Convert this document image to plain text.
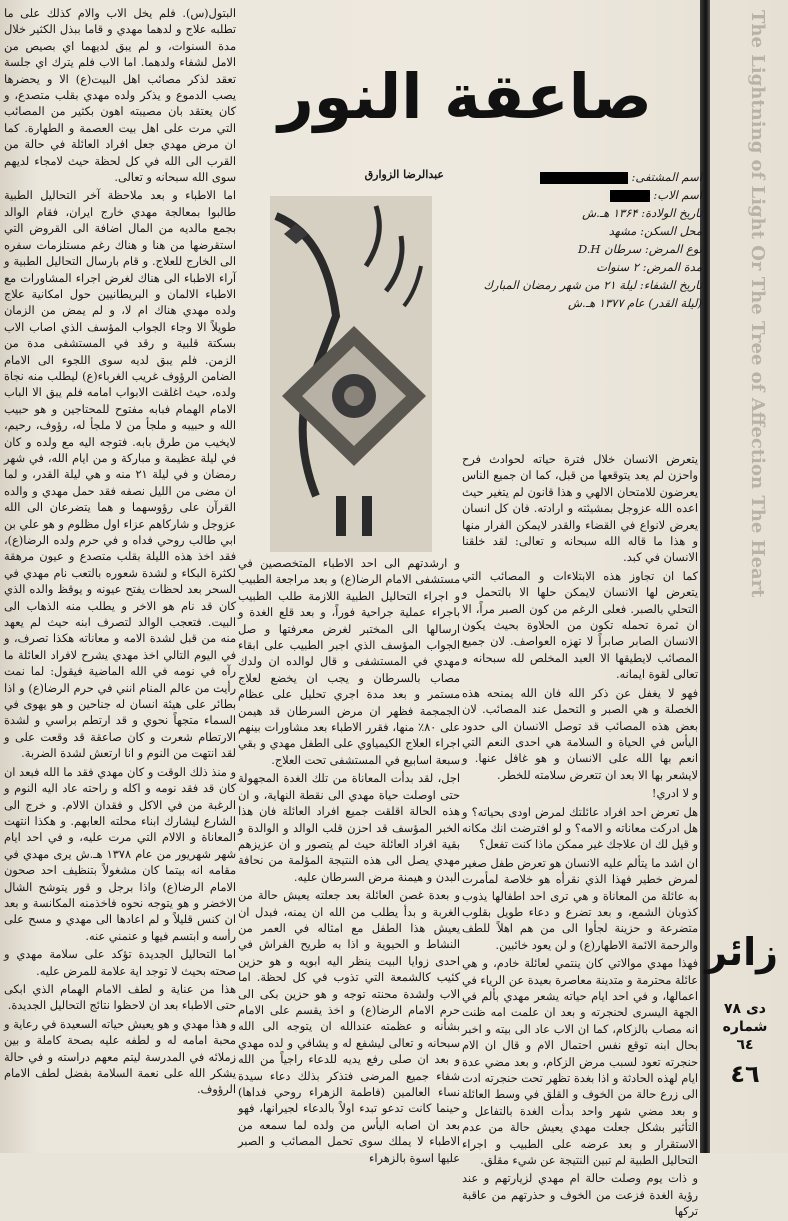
The Lightning of Light Or The Tree of Affection The Heart
صاعقة النور
اسم المشتفى:
اسم الاب:
تاریخ الولادة: ۱۳۶۴ هـ.ش
محل السكن: مشهد
نوع المرض: سرطان D.H
مدة المرض: ۲ سنوات
تاريخ الشفاء: ليلة ۲۱ من شهر رمضان المبارك
(ليلة القدر) عام ۱۳۷۷ هـ.ش
عبدالرضا الزوارق

يتعرض الانسان خلال فترة حياته لحوادث فرح واحزن لم يعد يتوقعها من قبل، كما ان جميع الناس يعرضون للامتحان الالهي و هذا قانون لم يتغير حيث اعده الله عزوجل بمشيئته و ارادته. فان كل انسان يعرض لانواع في القضاء والقدر لايمكن الفرار منها و هذا ما قاله الله سبحانه و تعالى: لقد خلقنا الانسان في كبد.

كما ان تجاوز هذه الابتلاءات و المصائب التي يتعرض لها الانسان لايمكن حلها الا بالتحمل و التحلي بالصبر. فعلى الرغم من كون الصبر مراً، الا ان ثمرة تحمله تكون من الحلاوة بحيث يكون الانسان الصابر صابراً لا تهزه العواصف. لان جميع المصائب لايطيقها الا العبد المخلص لله سبحانه و تعالى لقوة ايمانه.

فهو لا يغفل عن ذكر الله فان الله يمنحه هذه الخصلة و هي الصبر و التحمل عند المصائب. لان بعض هذه المصائب قد توصل الانسان الى حدود اليأس في الحياة و السلامة هي احدى النعم التي انعم بها الله على الانسان و هو غافل عنها. و لايشعر بها الا بعد ان تتعرض سلامته للخطر.

و لا ادري!

هل تعرض احد افراد عائلتك لمرض اودى بحياته؟ و هل ادركت معاناته و الامه؟ و لو افترضت انك مكانه و قيل لك ان علاجك غير ممكن ماذا كنت تفعل؟

ان اشد ما يتألم عليه الانسان هو تعرض طفل صغير لمرض خطير فهذا الذي نقرأه هو خلاصة لمأمرت به عائلة من المعاناة و هي ترى احد اطفالها يذوب كذوبان الشمع، و بعد تضرع و دعاء طويل بقلوب متضرعة و حزينة لجأوا الى من هم اهلاً للطف والرحمة الائمة الاطهار(ع) و لن يعود خائبين.

فهذا مهدي موالاتي كان ينتمي لعائلة خادم، و هي عائلة محترمة و متدينة معاصرة بعيدة عن الرياء في اعمالها، و في احد ايام حياته يشعر مهدي بألم في الجهة اليسرى لحنجرته و بعد ان علمت امه ظنت انه مصاب بالزكام، كما ان الاب عاد الى بيته و اخبر بحال ابنه توقع نفس احتمال الام و قال ان الام حنجرته تعود لسبب مرض الزكام، و بعد مضي عدة ايام لهذه الحادثة و اذا بغدة تظهر تحت حنجرته ادت الى زرع حالة من الخوف و القلق في وسط العائلة و بعد مضي شهر واحد بدأت الغدة بالتفاعل و التأثير بشكل جعلت مهدي يعيش حالة من عدم الاستقرار و بعد عرضه على الطبيب و اجراء التحاليل الطبية لم تبين النتيجة عن شيء مقلق.

و ذات يوم وصلت حالة ام مهدي لزيارتهم و عند رؤية الغدة فزعت من الخوف و حذرتهم من عاقبة تركها

و ارشدتهم الى احد الاطباء المتخصصين في مستشفى الامام الرضا(ع) و بعد مراجعة الطبيب و اجراء التحاليل الطبية اللازمة طلب الطبيب باجراء عملية جراحية فوراً، و بعد قلع الغدة و ارسالها الى المختبر لغرض معرفتها و صل الجواب المؤسف الذي اجبر الطبيب على ابقاء مهدي في المستشفى و قال لوالده ان ولدك مصاب بالسرطان و يجب ان يخضع لعلاج مستمر و بعد مدة اجري تحليل على عظام الجمجمة فظهر ان مرض السرطان قد هيمن على ٨٠٪ منها، فقرر الاطباء بعد مشاورات بينهم اجراء العلاج الكيمياوي على الطفل مهدي و بقي سبعة اسابيع في المستشفى تحت العلاج.

اجل، لقد بدأت المعاناة من تلك الغدة المجهولة حتى اوصلت حياة مهدي الى نقطة النهاية، و ان هذه الحالة اقلقت جميع افراد العائلة فان هذا الخبر المؤسف قد احزن قلب الوالد و الوالدة و بقية افراد العائلة حيث لم يتصور و ان عزيزهم مهدي يصل الى هذه النتيجة المؤلمة من نحافة البدن و هيمنة مرض السرطان عليه.

و بعدة غصن العائلة بعد جعلته يعيش حالة من الغربة و بدأ يطلب من الله ان يمنه، فبدل ان يعيش هذا الطفل مع امثاله في العمر من النشاط و الحيوية و اذا به طريح الفراش في احدى زوايا البيت ينظر اليه ابويه و هو حزين كئيب كالشمعة التي تذوب في كل لحظة. اما الاب ولشدة محنته توجه و هو حزين بكى الى حرم الامام الرضا(ع) و اخذ يقسم على الامام بشأنه و عظمته عندالله ان يتوجه الى الله سبحانه و تعالى ليشفع له و يشافي و لده مهدي و بعد ان صلى رفع يديه للدعاء راجياً من الله شفاء جميع المرضى فتذكر بذلك دعاء سيدة نساء العالمين (فاطمة الزهراء روحي فداها) حينما كانت تدعو تبدء اولاً بالدعاء لجيرانها، فهو بعد ان اصابه اليأس من ولده لما سمعه من الاطباء لا يملك سوى تحمل المصائب و الصبر عليها اسوة بالزهراء

البتول(س). فلم يخل الاب والام كذلك على ما تطلبه علاج و لدهما مهدي و قاما ببذل الكثير خلال مدة السنوات، و لم يبق لديهما اي بصيص من الامل لشفاء ولدهما. اما الاب فلم يترك اي جلسة تعقد لذكر مصائب اهل البيت(ع) الا و يحضرها يصب الدموع و يذكر ولده مهدي بقلب متصدع، و كان يعتقد بان مصيبته اهون بكثير من المصائب التي مرت على اهل بيت العصمة و الطهارة. كما ان مرض مهدي جعل افراد العائلة في حالة من القرب الى الله في كل لحظة حيث لامجاء لديهم سوى الله سبحانه و تعالى.

اما الاطباء و بعد ملاحظة آخر التحاليل الطبية طالبوا بمعالجة مهدي خارج ايران، فقام الوالد بجمع مالديه من المال اضافة الى القروض التي استقرضها من هنا و هناك رغم مستلزمات سفره الى الخارج للعلاج. و قام بارسال التحاليل الطبية و آراء الاطباء الى هناك لغرض اجراء المشاورات مع الاطباء الالمان و البريطانيين حول امكانية علاج ولده مهدي هناك ام لا، و لم يمض من الزمان طويلاً الا وجاء الجواب المؤسف الذي اصاب الاب بسكتة قلبية و رقد في المستشفى مدة من الزمن. فلم يبق لديه سوى اللجوء الى الامام الضامن الرؤوف غريب الغرباء(ع) ليطلب منه نجاة ولده، حيث اغلقت الابواب امامه فلم يبق الا الباب الامام الهمام فبابه مفتوح للمحتاجين و هو حبيب الله و حبيبه و ملجأ من لا ملجأ له، رؤوف، رحيم، لايخيب من طرق بابه. فتوجه اليه مع ولده و كان في ليلة عظيمة و مباركة و من ايام الله، في شهر رمضان و في ليلة ۲۱ منه و هي ليلة القدر، و لما ان مضى من الليل نصفه فقد حمل مهدي و والده القرآن على رؤوسهما و هما يتضرعان الى الله عزوجل و شاركاهم عزاء اول مظلوم و هو علي بن ابي طالب روحي فداه و في حرم ولده الرضا(ع)، فقد اخذ هذه الليلة بقلب متصدع و عيون مرهقة لكثرة البكاء و لشدة شعوره بالتعب نام مهدي في السحر بعد لحظات يفتح عيونه و يوقظ والده الذي كان قد نام هو الاخر و يطلب منه الذهاب الى البيت. فتعجب الوالد لتصرف ابنه حيث لم يعهد منه من قبل لشدة الامه و معاناته هكذا تصرف، و في اليوم التالي اخذ مهدي يشرح لافراد العائلة ما رآه في نومه في الله الماضية فيقول: لما نمت رأيت من عالم المنام انني في حرم الرضا(ع) و اذا بطائر على هيئة انسان له جناحين و هو يهوى في السماء متجهاً نحوي و قد ارتطم براسي و لشدة الارتطام شعرت و كان صاعقة قد وقعت على و لقد انتهت من النوم و انا ارتعش لشدة الضربة.

و منذ ذلك الوقت و كان مهدي فقد ما الله فبعد ان كان قد فقد نومه و اكله و راحته عاد اليه النوم و الرغبة من في الاكل و فقدان الالام. و خرج الى الشارع ليشارك ابناء محلته العابهم. و هكذا انتهت المعاناة و الالام التي مرت عليه، و في احد ايام شهر شهريور من عام ۱۳۷۸ هـ.ش يرى مهدي في مقامه انه بيتما كان مشغولاً بتنظيف احد صحون الامام الرضا(ع) واذا برجل و قور يتوشح الشال الاخضر و هو يتوجه نحوه فاخذمنه المكانسة و بعد ان كنس قليلاً و لم اعادها الى مهدي و مسح على رأسه و ابتسم فيها و عنمني عنه.

اما التحاليل الجديدة تؤكد على سلامة مهدي و صحته بحيث لا توجد اية علامة للمرض عليه.

هذا من عناية و لطف الامام الهمام الذي ابكى حتى الاطباء بعد ان لاحظوا نتائج التحاليل الجديدة.

و هذا مهدي و هو يعيش حياته السعيدة في رعاية و محبة امامه له و لطفه عليه بصحة كاملة و بين زملائه في المدرسة ليتم معهم دراسته و في حالة يشكر الله على نعمة السلامة بفضل لطف الامام الرؤوف.

زائر
دی ۷۸
شماره ٦٤
٤٦
